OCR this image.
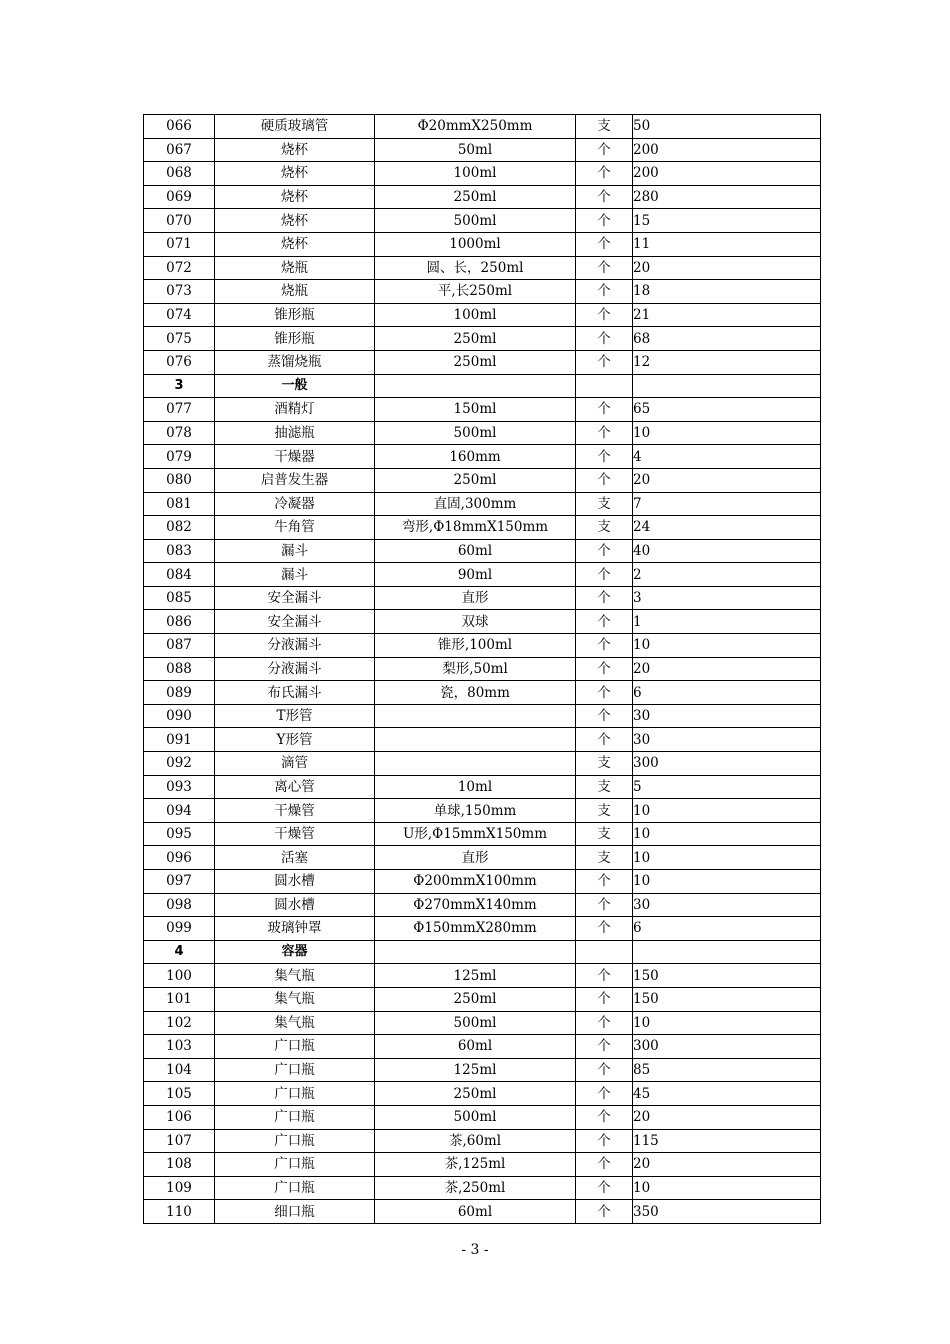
066	硬质玻璃管	Φ20mmX250mm	支	50
067	烧杯	50ml	个	200
068	烧杯	100ml	个	200
069	烧杯	250ml	个	280
070	烧杯	500ml	个	15
071	烧杯	1000ml	个	11
072	烧瓶	圆、长，250ml	个	20
073	烧瓶	平,长250ml	个	18
074	锥形瓶	100ml	个	21
075	锥形瓶	250ml	个	68
076	蒸馏烧瓶	250ml	个	12
3	一般			
077	酒精灯	150ml	个	65
078	抽滤瓶	500ml	个	10
079	干燥器	160mm	个	4
080	启普发生器	250ml	个	20
081	冷凝器	直固,300mm	支	7
082	牛角管	弯形,Φ18mmX150mm	支	24
083	漏斗	60ml	个	40
084	漏斗	90ml	个	2
085	安全漏斗	直形	个	3
086	安全漏斗	双球	个	1
087	分液漏斗	锥形,100ml	个	10
088	分液漏斗	梨形,50ml	个	20
089	布氏漏斗	瓷，80mm	个	6
090	T形管		个	30
091	Y形管		个	30
092	滴管		支	300
093	离心管	10ml	支	5
094	干燥管	单球,150mm	支	10
095	干燥管	U形,Φ15mmX150mm	支	10
096	活塞	直形	支	10
097	圆水槽	Φ200mmX100mm	个	10
098	圆水槽	Φ270mmX140mm	个	30
099	玻璃钟罩	Φ150mmX280mm	个	6
4	容器			
100	集气瓶	125ml	个	150
101	集气瓶	250ml	个	150
102	集气瓶	500ml	个	10
103	广口瓶	60ml	个	300
104	广口瓶	125ml	个	85
105	广口瓶	250ml	个	45
106	广口瓶	500ml	个	20
107	广口瓶	茶,60ml	个	115
108	广口瓶	茶,125ml	个	20
109	广口瓶	茶,250ml	个	10
110	细口瓶	60ml	个	350
- 3 -
